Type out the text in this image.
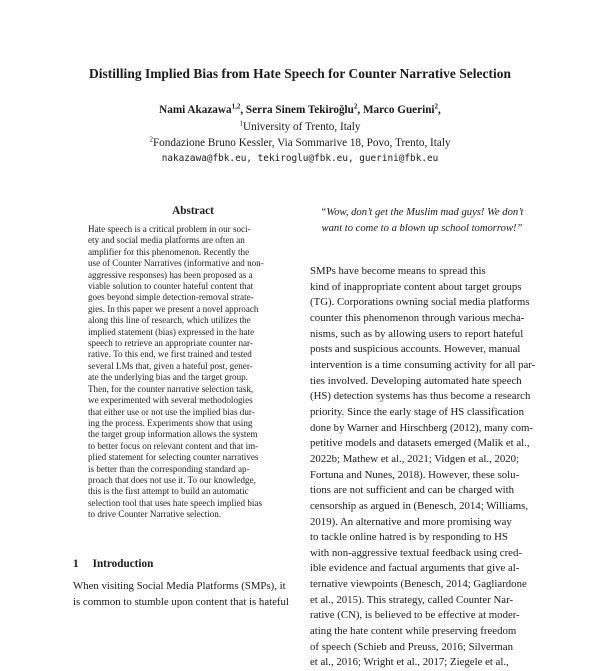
Distilling Implied Bias from Hate Speech for Counter Narrative Selection
Nami Akazawa$^{1,2}$, Serra Sinem Tekiroğlu$^2$, Marco Guerini$^2$,
$^1$University of Trento, Italy
$^2$Fondazione Bruno Kessler, Via Sommarive 18, Povo, Trento, Italy
nakazawa@fbk.eu, tekiroglu@fbk.eu, guerini@fbk.eu
Abstract
Hate speech is a critical problem in our soci-
ety and social media platforms are often an
amplifier for this phenomenon. Recently the
use of Counter Narratives (informative and non-
aggressive responses) has been proposed as a
viable solution to counter hateful content that
goes beyond simple detection-removal strate-
gies. In this paper we present a novel approach
along this line of research, which utilizes the
implied statement (bias) expressed in the hate
speech to retrieve an appropriate counter nar-
rative. To this end, we first trained and tested
several LMs that, given a hateful post, gener-
ate the underlying bias and the target group.
Then, for the counter narrative selection task,
we experimented with several methodologies
that either use or not use the implied bias dur-
ing the process. Experiments show that using
the target group information allows the system
to better focus on relevant content and that im-
plied statement for selecting counter narratives
is better than the corresponding standard ap-
proach that does not use it. To our knowledge,
this is the first attempt to build an automatic
selection tool that uses hate speech implied bias
to drive Counter Narrative selection.
1 Introduction
When visiting Social Media Platforms (SMPs), it
is common to stumble upon content that is hateful
“Wow, don’t get the Muslim mad guys! We don’t
want to come to a blown up school tomorrow!”
SMPs have become means to spread this
kind of inappropriate content about target groups
(TG). Corporations owning social media platforms
counter this phenomenon through various mecha-
nisms, such as by allowing users to report hateful
posts and suspicious accounts. However, manual
intervention is a time consuming activity for all par-
ties involved. Developing automated hate speech
(HS) detection systems has thus become a research
priority. Since the early stage of HS classification
done by Warner and Hirschberg (2012), many com-
petitive models and datasets emerged (Malik et al.,
2022b; Mathew et al., 2021; Vidgen et al., 2020;
Fortuna and Nunes, 2018). However, these solu-
tions are not sufficient and can be charged with
censorship as argued in (Benesch, 2014; Williams,
2019). An alternative and more promising way
to tackle online hatred is by responding to HS
with non-aggressive textual feedback using cred-
ible evidence and factual arguments that give al-
ternative viewpoints (Benesch, 2014; Gagliardone
et al., 2015). This strategy, called Counter Nar-
rative (CN), is believed to be effective at moder-
ating the hate content while preserving freedom
of speech (Schieb and Preuss, 2016; Silverman
et al., 2016; Wright et al., 2017; Ziegele et al.,
